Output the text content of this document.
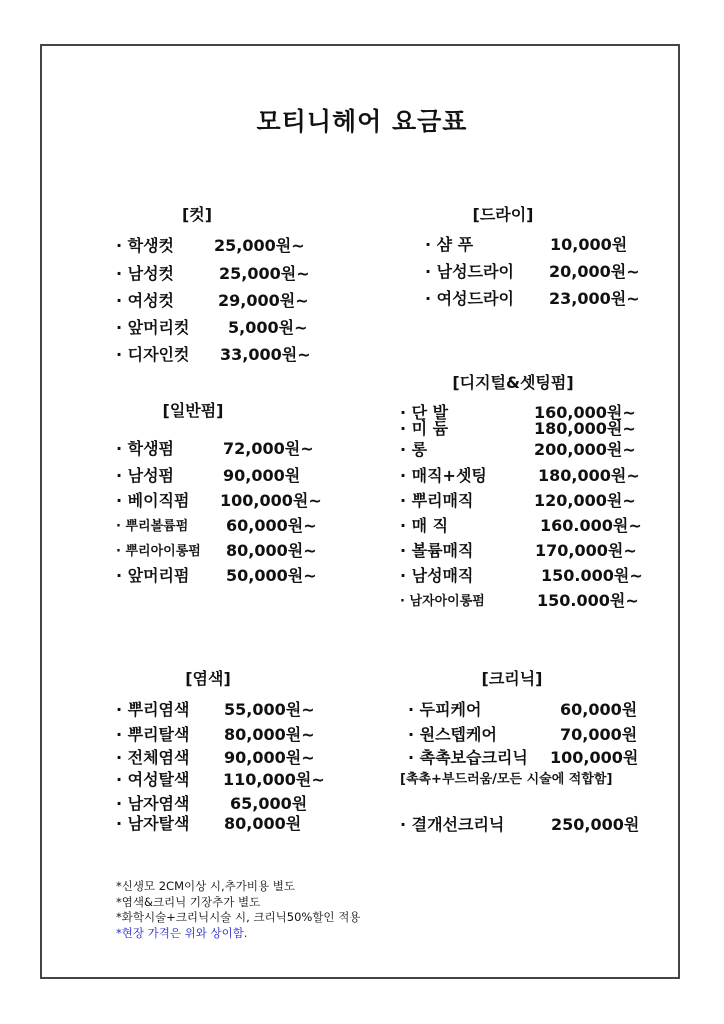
모티니헤어 요금표
[컷]
· 학생컷 25,000원~
· 남성컷	25,000원~
· 여성컷	29,000원~
· 앞머리컷 5,000원~
· 디자인컷 33,000원~
[드라이]
· 샴 푸	10,000원
· 남성드라이 20,000원~
· 여성드라이 23,000원~
[일반펌]
· 학생펌	72,000원~
· 남성펌	90,000원
· 베이직펌 100,000원~
· 뿌리볼륨펌 60,000원~
· 뿌리아이롱펌 80,000원~
· 앞머리펌 50,000원~
[디지털&셋팅펌]
· 단 발	160,000원~
· 미 듐	180,000원~
· 롱	200,000원~
· 매직+셋팅	180,000원~
· 뿌리매직	120,000원~
· 매 직	160.000원~
· 볼륨매직	170,000원~
· 남성매직	150.000원~
· 남자아이롱펌	150.000원~
[염색]
· 뿌리염색 55,000원~
· 뿌리탈색 80,000원~
· 전체염색 90,000원~
· 여성탈색 110,000원~
· 남자염색	65,000원
· 남자탈색 80,000원
[크리닉]
· 두피케어	60,000원
· 원스텝케어	70,000원
· 촉촉보습크리닉 100,000원
[촉촉+부드러움/모든 시술에 적합함]
· 결개선크리닉	250,000원
*신생모 2CM이상 시,추가비용 별도
*염색&크리닉 기장추가 별도
*화학시술+크리닉시술 시, 크리닉50%할인 적용
*현장 가격은 위와 상이함.
